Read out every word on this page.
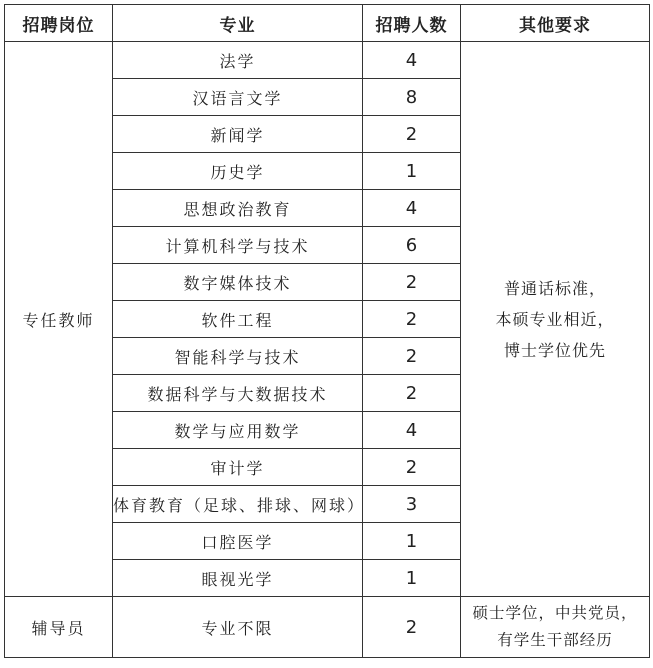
招聘岗位	专业	招聘人数	其他要求
专任教师	法学	4	普通话标准，
本硕专业相近，
博士学位优先
	汉语言文学	8	
	新闻学	2	
	历史学	1	
	思想政治教育	4	
	计算机科学与技术	6	
	数字媒体技术	2	
	软件工程	2	
	智能科学与技术	2	
	数据科学与大数据技术	2	
	数学与应用数学	4	
	审计学	2	
	体育教育（足球、排球、网球）	3	
	口腔医学	1	
	眼视光学	1	
辅导员	专业不限	2	硕士学位，中共党员，
有学生干部经历
